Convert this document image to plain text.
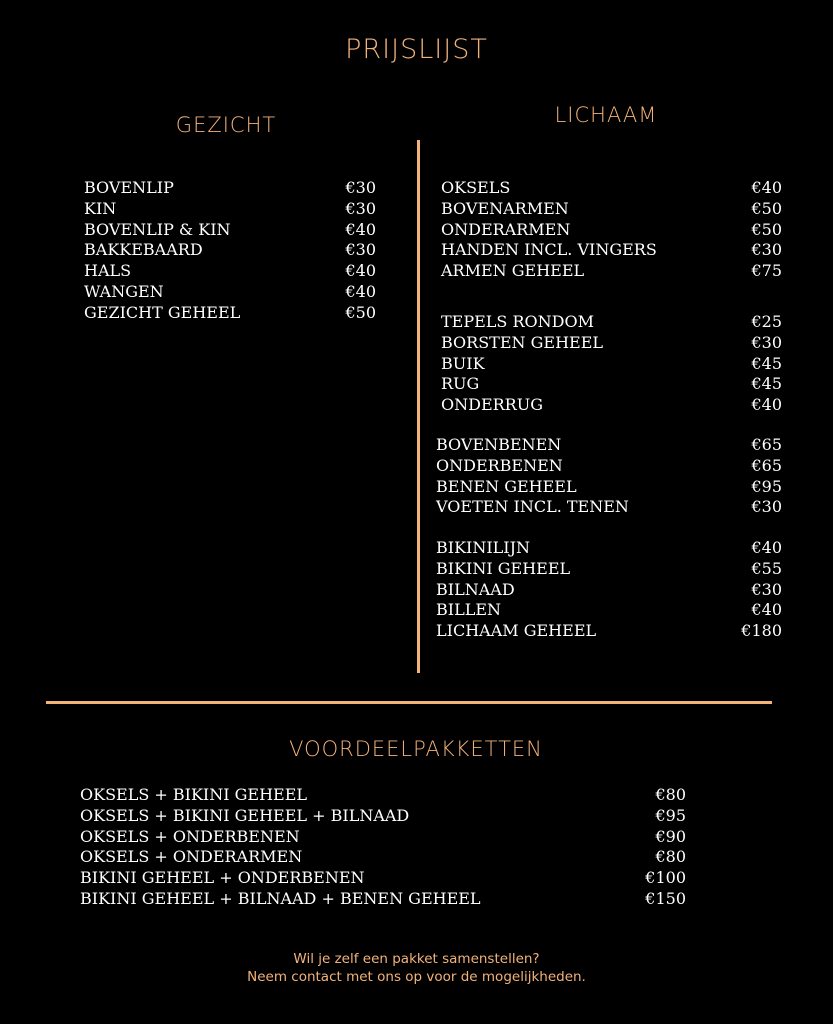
PRIJSLIJST
GEZICHT	LICHAAM
BOVENLIP	€30
KIN	€30
BOVENLIP & KIN	€40
BAKKEBAARD	€30
HALS	€40
WANGEN	€40
GEZICHT GEHEEL	€50
OKSELS	€40
BOVENARMEN	€50
ONDERARMEN	€50
HANDEN INCL. VINGERS	€30
ARMEN GEHEEL	€75
TEPELS RONDOM	€25
BORSTEN GEHEEL	€30
BUIK	€45
RUG	€45
ONDERRUG	€40
BOVENBENEN	€65
ONDERBENEN	€65
BENEN GEHEEL	€95
VOETEN INCL. TENEN	€30
BIKINILIJN	€40
BIKINI GEHEEL	€55
BILNAAD	€30
BILLEN	€40
LICHAAM GEHEEL	€180
VOORDEELPAKKETTEN
OKSELS + BIKINI GEHEEL	€80
OKSELS + BIKINI GEHEEL + BILNAAD	€95
OKSELS + ONDERBENEN	€90
OKSELS + ONDERARMEN	€80
BIKINI GEHEEL + ONDERBENEN	€100
BIKINI GEHEEL + BILNAAD + BENEN GEHEEL	€150
Wil je zelf een pakket samenstellen?
Neem contact met ons op voor de mogelijkheden.
